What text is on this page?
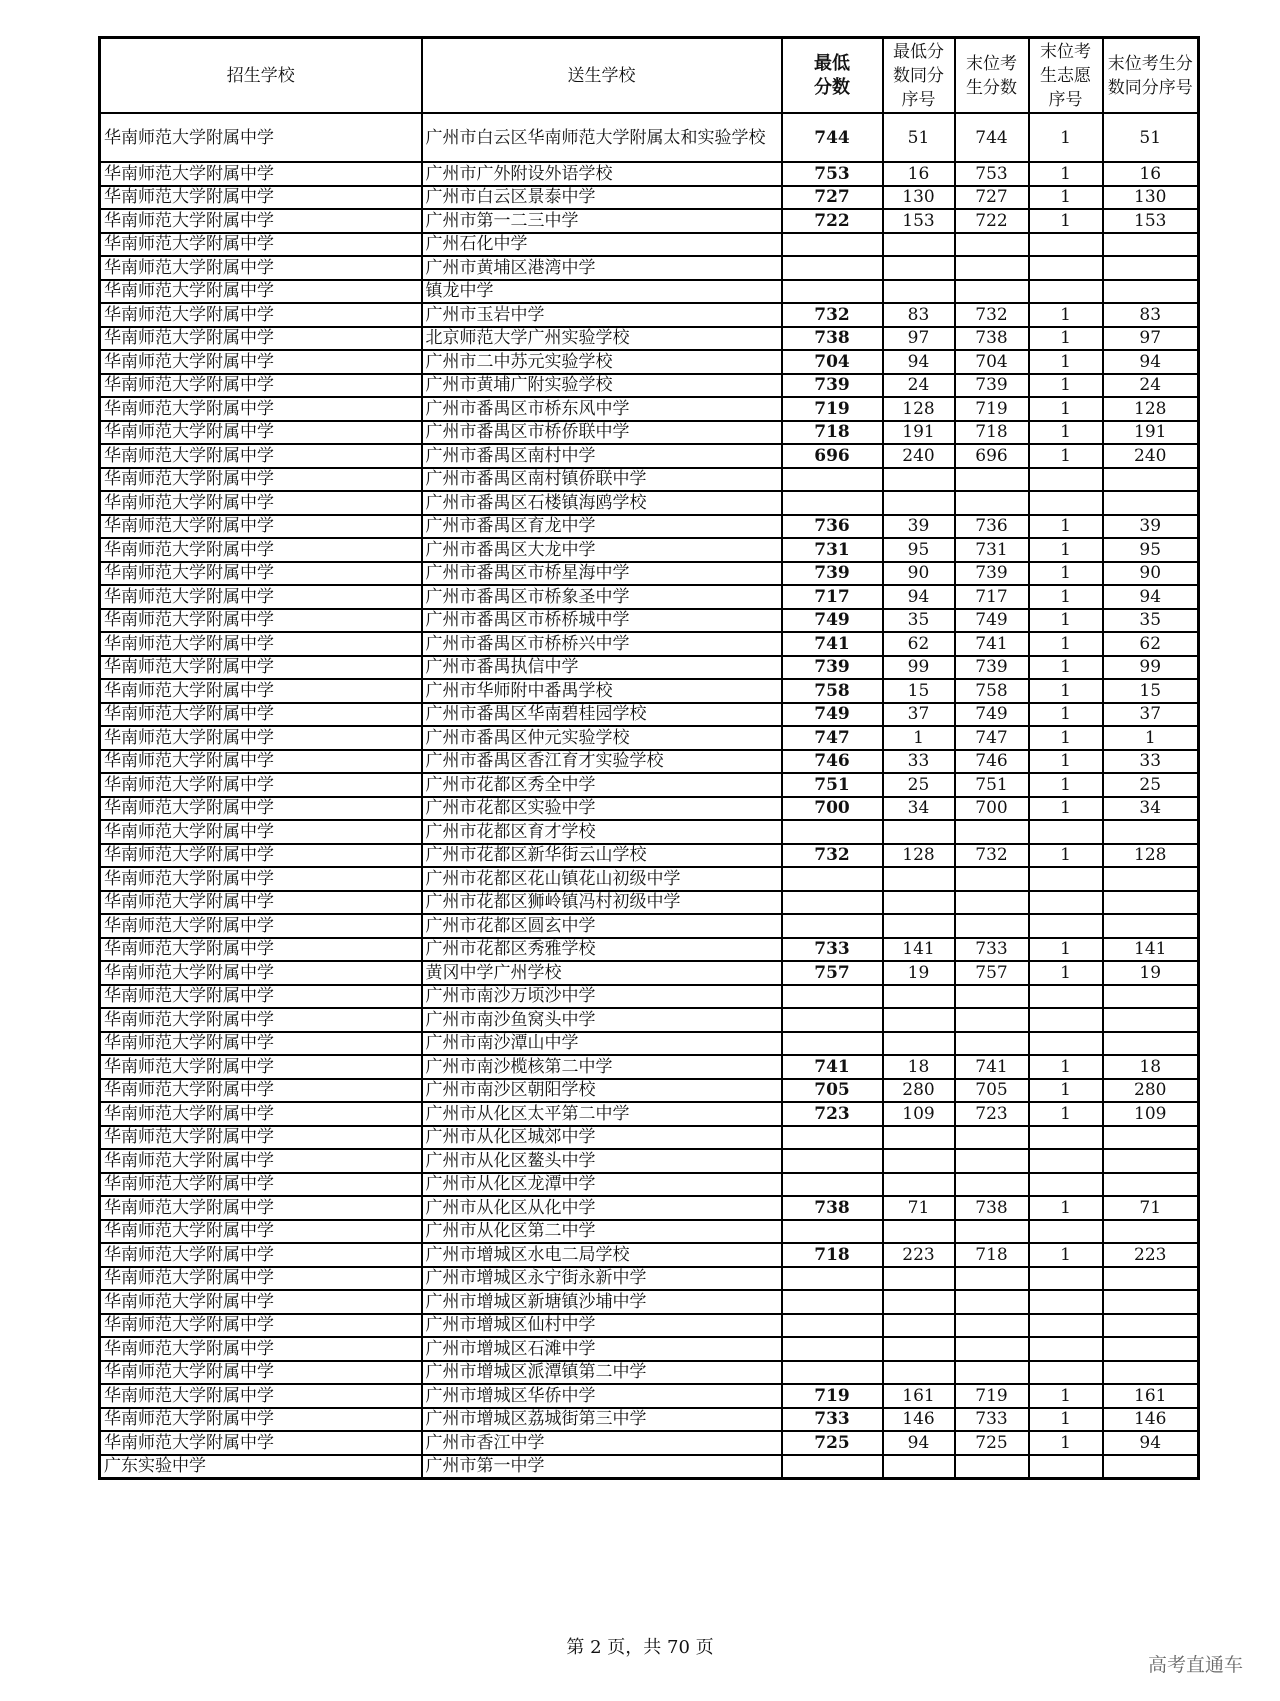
招生学校	送生学校	最低分数	最低分数同分序号	末位考生分数	末位考生志愿序号	末位考生分数同分序号
华南师范大学附属中学	广州市白云区华南师范大学附属太和实验学校	744	51	744	1	51
华南师范大学附属中学	广州市广外附设外语学校	753	16	753	1	16
华南师范大学附属中学	广州市白云区景泰中学	727	130	727	1	130
华南师范大学附属中学	广州市第一二三中学	722	153	722	1	153
华南师范大学附属中学	广州石化中学					
华南师范大学附属中学	广州市黄埔区港湾中学					
华南师范大学附属中学	镇龙中学					
华南师范大学附属中学	广州市玉岩中学	732	83	732	1	83
华南师范大学附属中学	北京师范大学广州实验学校	738	97	738	1	97
华南师范大学附属中学	广州市二中苏元实验学校	704	94	704	1	94
华南师范大学附属中学	广州市黄埔广附实验学校	739	24	739	1	24
华南师范大学附属中学	广州市番禺区市桥东风中学	719	128	719	1	128
华南师范大学附属中学	广州市番禺区市桥侨联中学	718	191	718	1	191
华南师范大学附属中学	广州市番禺区南村中学	696	240	696	1	240
华南师范大学附属中学	广州市番禺区南村镇侨联中学					
华南师范大学附属中学	广州市番禺区石楼镇海鸥学校					
华南师范大学附属中学	广州市番禺区育龙中学	736	39	736	1	39
华南师范大学附属中学	广州市番禺区大龙中学	731	95	731	1	95
华南师范大学附属中学	广州市番禺区市桥星海中学	739	90	739	1	90
华南师范大学附属中学	广州市番禺区市桥象圣中学	717	94	717	1	94
华南师范大学附属中学	广州市番禺区市桥桥城中学	749	35	749	1	35
华南师范大学附属中学	广州市番禺区市桥桥兴中学	741	62	741	1	62
华南师范大学附属中学	广州市番禺执信中学	739	99	739	1	99
华南师范大学附属中学	广州市华师附中番禺学校	758	15	758	1	15
华南师范大学附属中学	广州市番禺区华南碧桂园学校	749	37	749	1	37
华南师范大学附属中学	广州市番禺区仲元实验学校	747	1	747	1	1
华南师范大学附属中学	广州市番禺区香江育才实验学校	746	33	746	1	33
华南师范大学附属中学	广州市花都区秀全中学	751	25	751	1	25
华南师范大学附属中学	广州市花都区实验中学	700	34	700	1	34
华南师范大学附属中学	广州市花都区育才学校					
华南师范大学附属中学	广州市花都区新华街云山学校	732	128	732	1	128
华南师范大学附属中学	广州市花都区花山镇花山初级中学					
华南师范大学附属中学	广州市花都区狮岭镇冯村初级中学					
华南师范大学附属中学	广州市花都区圆玄中学					
华南师范大学附属中学	广州市花都区秀雅学校	733	141	733	1	141
华南师范大学附属中学	黄冈中学广州学校	757	19	757	1	19
华南师范大学附属中学	广州市南沙万顷沙中学					
华南师范大学附属中学	广州市南沙鱼窝头中学					
华南师范大学附属中学	广州市南沙潭山中学					
华南师范大学附属中学	广州市南沙榄核第二中学	741	18	741	1	18
华南师范大学附属中学	广州市南沙区朝阳学校	705	280	705	1	280
华南师范大学附属中学	广州市从化区太平第二中学	723	109	723	1	109
华南师范大学附属中学	广州市从化区城郊中学					
华南师范大学附属中学	广州市从化区鳌头中学					
华南师范大学附属中学	广州市从化区龙潭中学					
华南师范大学附属中学	广州市从化区从化中学	738	71	738	1	71
华南师范大学附属中学	广州市从化区第二中学					
华南师范大学附属中学	广州市增城区水电二局学校	718	223	718	1	223
华南师范大学附属中学	广州市增城区永宁街永新中学					
华南师范大学附属中学	广州市增城区新塘镇沙埔中学					
华南师范大学附属中学	广州市增城区仙村中学					
华南师范大学附属中学	广州市增城区石滩中学					
华南师范大学附属中学	广州市增城区派潭镇第二中学					
华南师范大学附属中学	广州市增城区华侨中学	719	161	719	1	161
华南师范大学附属中学	广州市增城区荔城街第三中学	733	146	733	1	146
华南师范大学附属中学	广州市香江中学	725	94	725	1	94
广东实验中学	广州市第一中学					
第 2 页，共 70 页
高考直通车
